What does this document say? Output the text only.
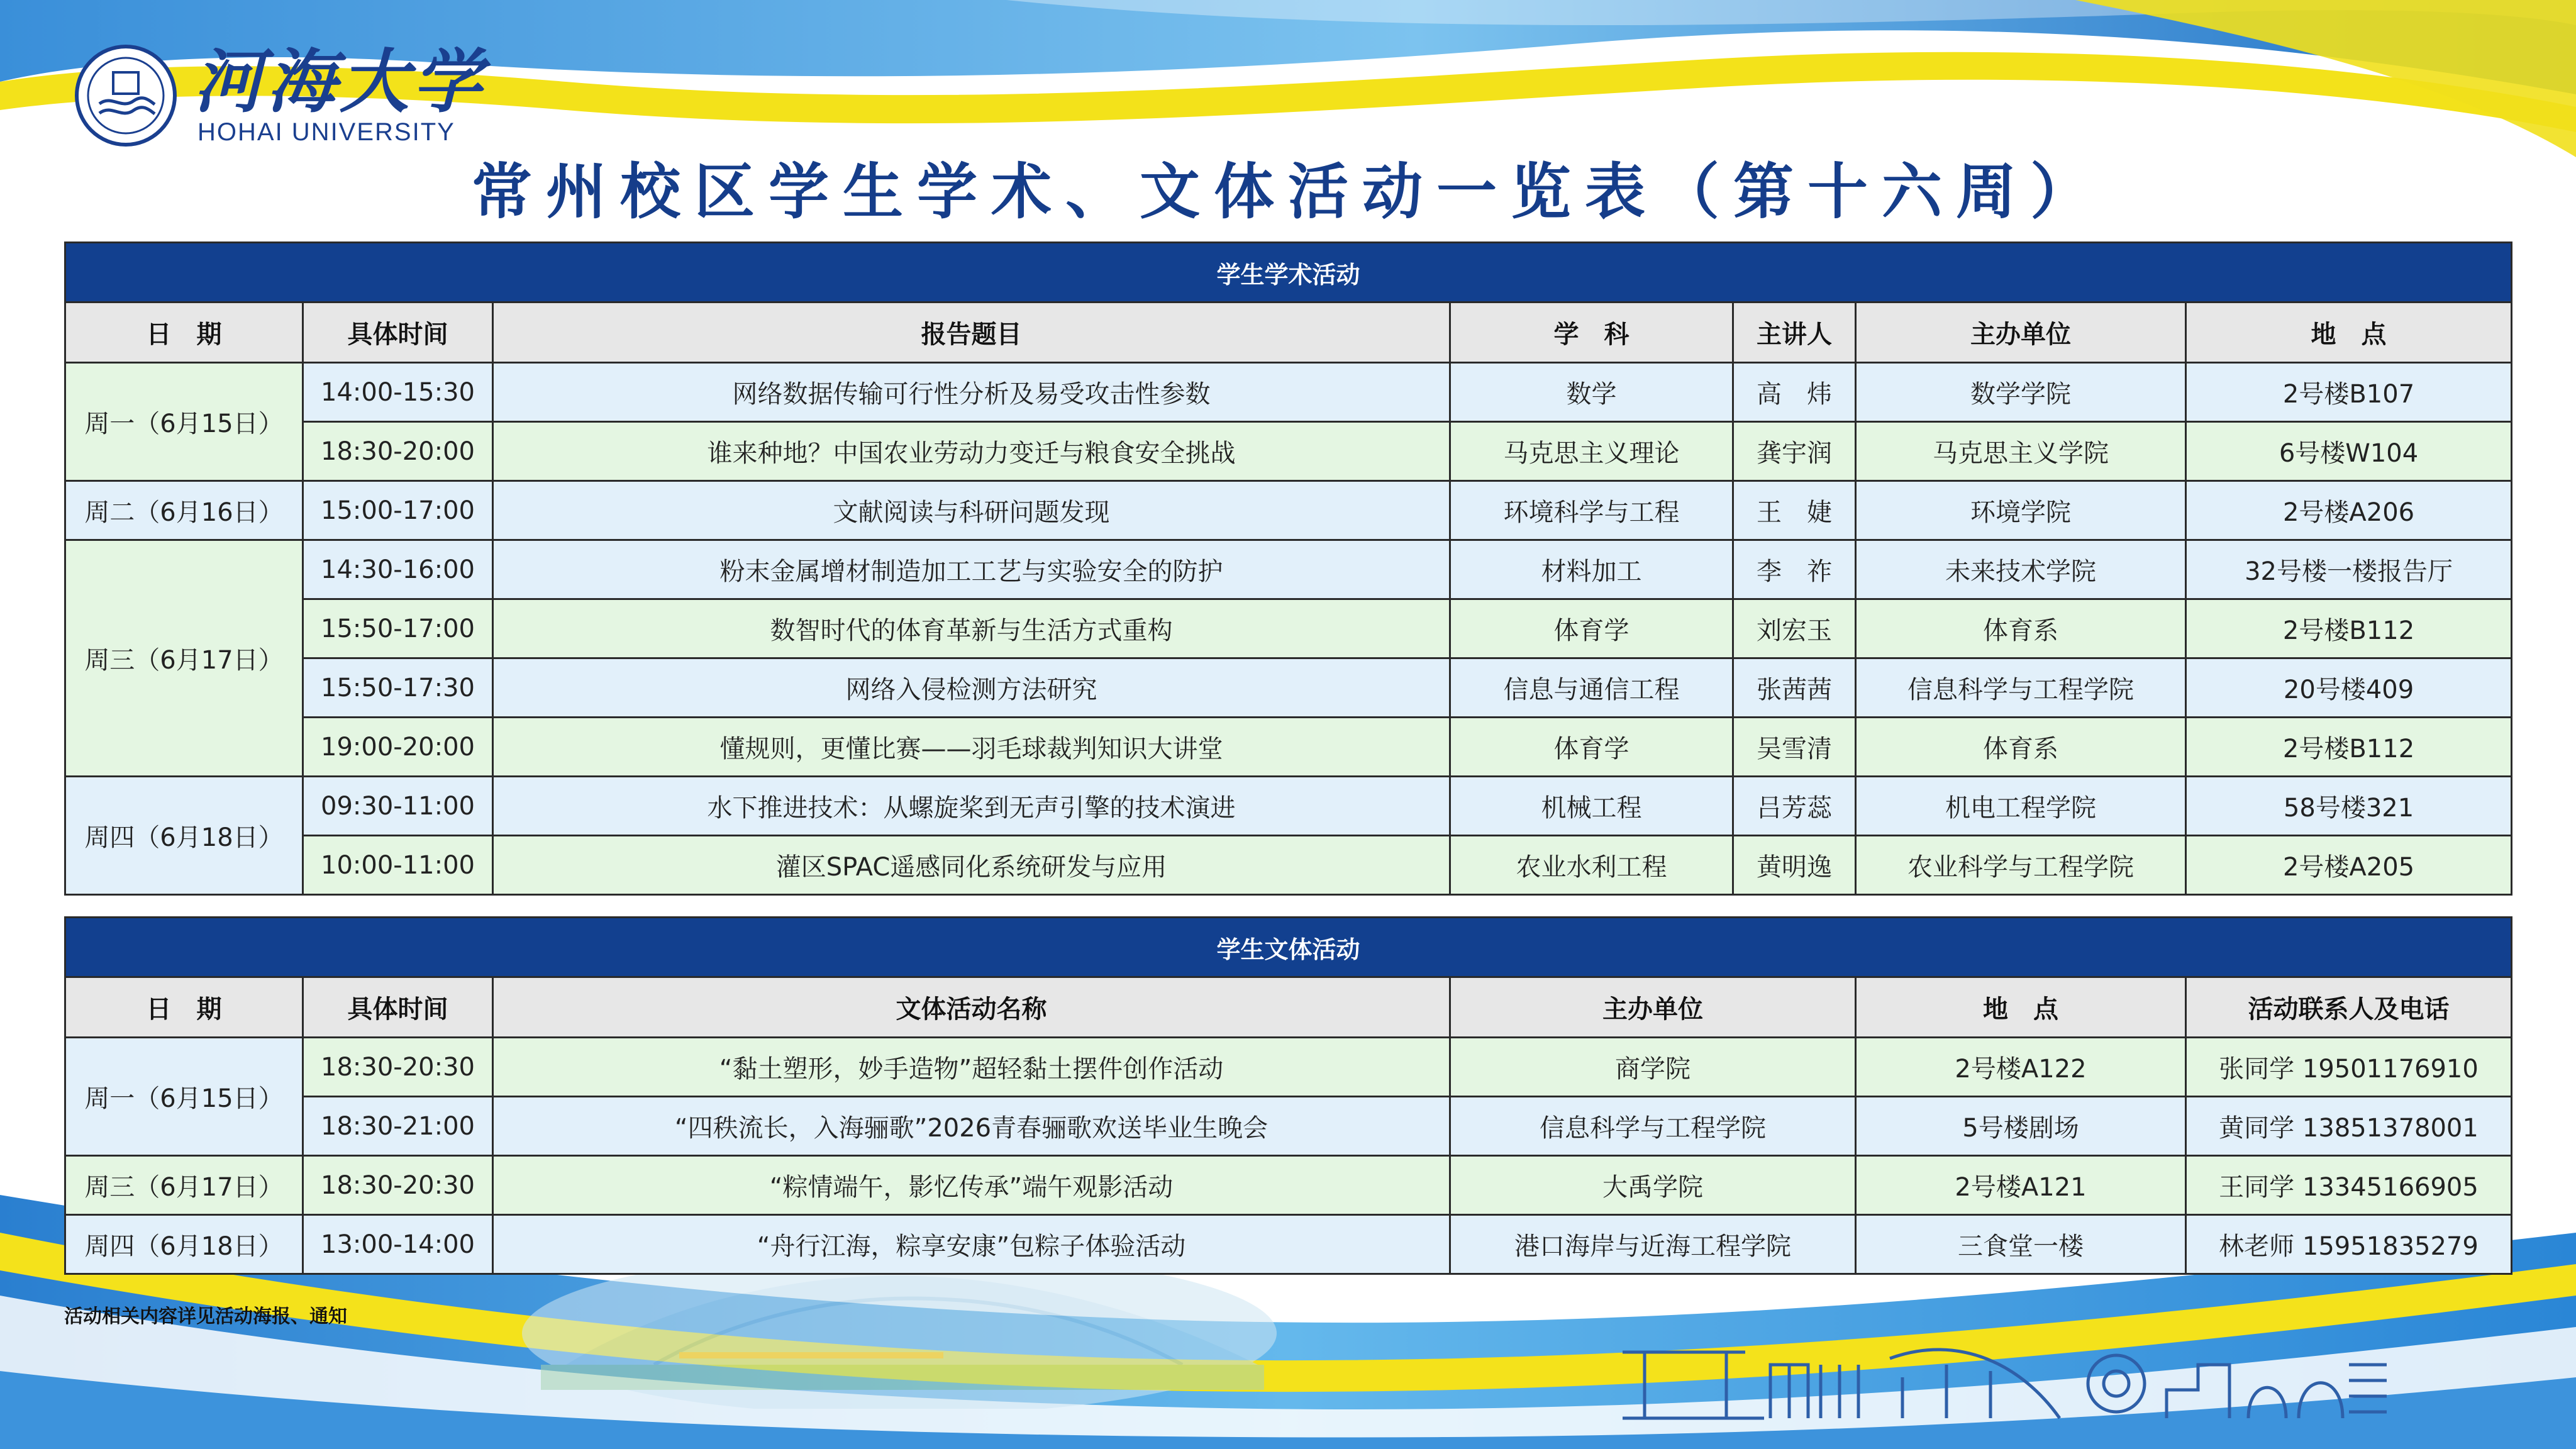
河海大学
HOHAI UNIVERSITY
常州校区学生学术、文体活动一览表（第十六周）
学生学术活动						
日　期	具体时间	报告题目	学　科	主讲人	主办单位	地　点
周一（6月15日）	14:00-15:30	网络数据传输可行性分析及易受攻击性参数	数学	高　炜	数学学院	2号楼B107
	18:30-20:00	谁来种地？中国农业劳动力变迁与粮食安全挑战	马克思主义理论	龚宇润	马克思主义学院	6号楼W104
周二（6月16日）	15:00-17:00	文献阅读与科研问题发现	环境科学与工程	王　婕	环境学院	2号楼A206
周三（6月17日）	14:30-16:00	粉末金属增材制造加工工艺与实验安全的防护	材料加工	李　祚	未来技术学院	32号楼一楼报告厅
	15:50-17:00	数智时代的体育革新与生活方式重构	体育学	刘宏玉	体育系	2号楼B112
	15:50-17:30	网络入侵检测方法研究	信息与通信工程	张茜茜	信息科学与工程学院	20号楼409
	19:00-20:00	懂规则，更懂比赛——羽毛球裁判知识大讲堂	体育学	吴雪清	体育系	2号楼B112
周四（6月18日）	09:30-11:00	水下推进技术：从螺旋桨到无声引擎的技术演进	机械工程	吕芳蕊	机电工程学院	58号楼321
	10:00-11:00	灌区SPAC遥感同化系统研发与应用	农业水利工程	黄明逸	农业科学与工程学院	2号楼A205
学生文体活动					
日　期	具体时间	文体活动名称	主办单位	地　点	活动联系人及电话
周一（6月15日）	18:30-20:30	“黏土塑形，妙手造物”超轻黏土摆件创作活动	商学院	2号楼A122	张同学 19501176910
	18:30-21:00	“四秩流长，入海骊歌”2026青春骊歌欢送毕业生晚会	信息科学与工程学院	5号楼剧场	黄同学 13851378001
周三（6月17日）	18:30-20:30	“粽情端午，影忆传承”端午观影活动	大禹学院	2号楼A121	王同学 13345166905
周四（6月18日）	13:00-14:00	“舟行江海，粽享安康”包粽子体验活动	港口海岸与近海工程学院	三食堂一楼	林老师 15951835279
活动相关内容详见活动海报、通知
